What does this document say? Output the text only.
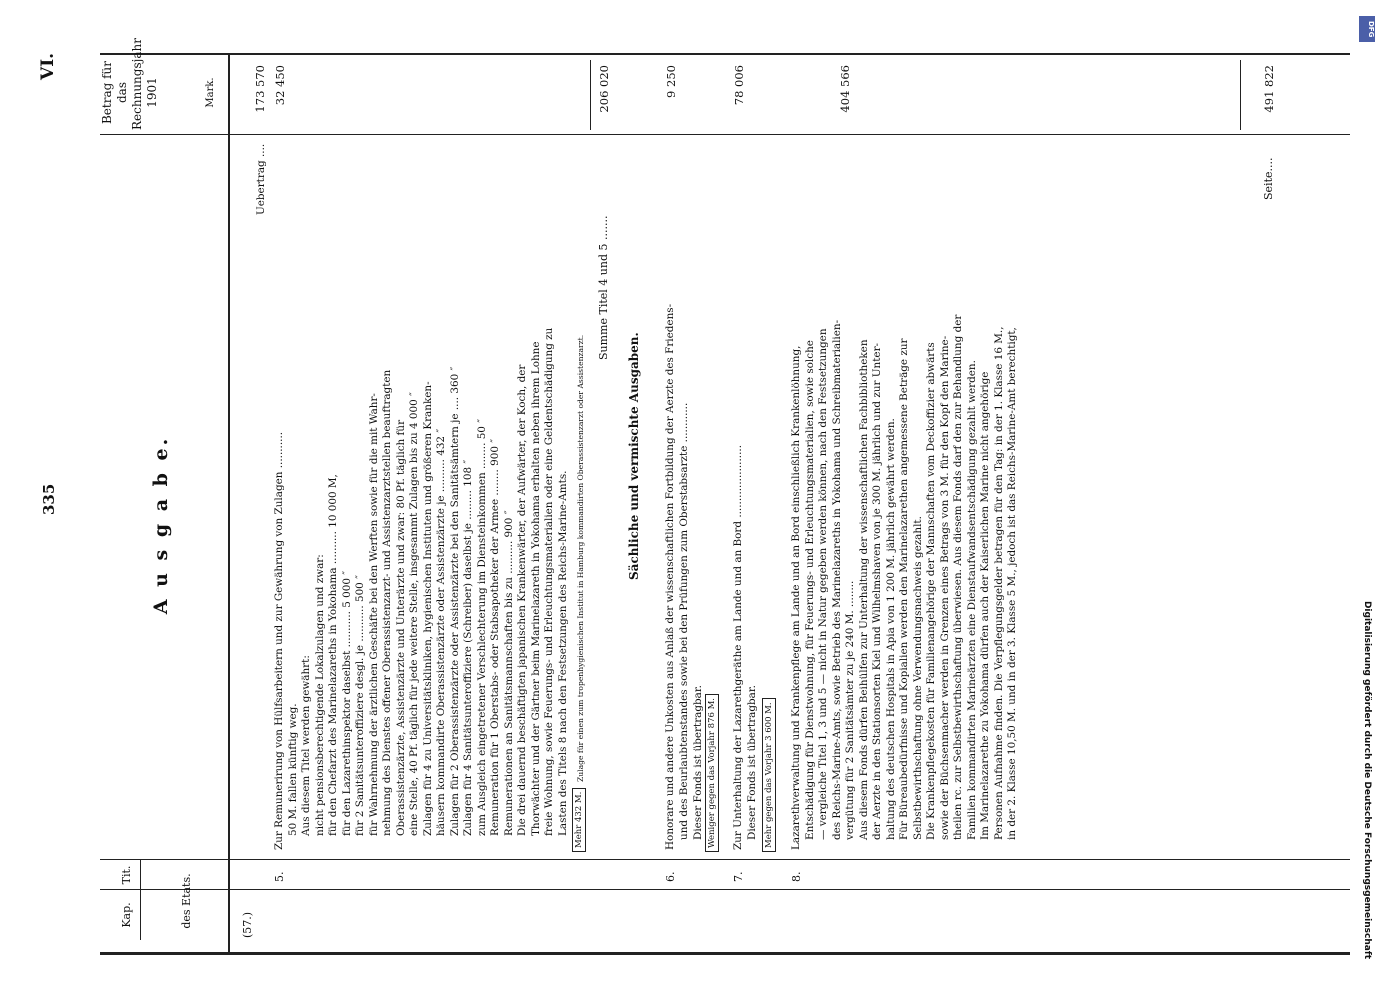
335
VI.
Kap.
Tit.	des Etats.
A u s g a b e.
Betrag für das Rechnungsjahr 1901	Mark.
(57.)
Uebertrag ....
173 570
5.
32 450
Zur Remunerirung von Hülfsarbeitern und zur Gewährung von Zulagen ........... 50 M. fallen künftig weg. Aus diesem Titel werden gewährt: nicht pensionsberechtigende Lokalzulagen und zwar: für den Chefarzt des Marinelazareths in Yokohama .......... 10 000 M, für den Lazarethinspektor daselbst ........... 5 000 ″ für 2 Sanitätsunteroffiziere desgl. je ........... 500 ″ für Wahrnehmung der ärztlichen Geschäfte bei den Werften sowie für die mit Wahr- nehmung des Dienstes offener Oberassistenzarzt- und Assistenzarztstellen beauftragten Oberassistenzärzte, Assistenzärzte und Unterärzte und zwar: 80 Pf. täglich für eine Stelle, 40 Pf. täglich für jede weitere Stelle, insgesammt Zulagen bis zu 4 000 ″ Zulagen für 4 zu Universitätskliniken, hygienischen Instituten und größeren Kranken- häusern kommandirte Oberassistenzärzte oder Assistenzärzte je .......... 432 ″ Zulagen für 2 Oberassistenzärzte oder Assistenzärzte bei den Sanitätsämtern je .... 360 ″ Zulagen für 4 Sanitätsunteroffiziere (Schreiber) daselbst je ......... 108 ″ zum Ausgleich eingetretener Verschlechterung im Diensteinkommen ........ 50 ″ Remuneration für 1 Oberstabs- oder Stabsapotheker der Armee ........ 900 ″ Remunerationen an Sanitätsmannschaften bis zu .......... 900 ″ Die drei dauernd beschäftigten japanischen Krankenwärter, der Aufwärter, der Koch, der Thorwächter und der Gärtner beim Marinelazareth in Yokohama erhalten neben ihrem Lohne freie Wohnung, sowie Feuerungs- und Erleuchtungsmaterialien oder eine Geldentschädigung zu Lasten des Titels 8 nach den Festsetzungen des Reichs-Marine-Amts. Mehr 432 M.
Zulage für einen zum tropenhygienischen Institut in Hamburg kommandirten Oberassistenzarzt oder Assistenzarzt.
Summe Titel 4 und 5 .......
206 020
Sächliche und vermischte Ausgaben.
6.
Honorare und andere Unkosten aus Anlaß der wissenschaftlichen Fortbildung der Aerzte des Friedens- und des Beurlaubtenstandes sowie bei den Prüfungen zum Oberstabsarzte ............ Dieser Fonds ist übertragbar.
9 250
Weniger gegen das Vorjahr 876 M.
7.
Zur Unterhaltung der Lazarethgeräthe am Lande und an Bord ...................... Dieser Fonds ist übertragbar.
78 006
Mehr gegen das Vorjahr 3 600 M.
8.
Lazarethverwaltung und Krankenpflege am Lande und an Bord einschließlich Krankenlöhnung, Entschädigung für Dienstwohnung, für Feuerungs- und Erleuchtungsmaterialien, sowie solche — vergleiche Titel 1, 3 und 5 — nicht in Natur gegeben werden können, nach den Festsetzungen des Reichs-Marine-Amts, sowie Betrieb des Marinelazareths in Yokohama und Schreibmaterialien- vergütung für 2 Sanitätsämter zu je 240 M. ........ Aus diesem Fonds dürfen Beihülfen zur Unterhaltung der wissenschaftlichen Fachbibliotheken der Aerzte in den Stationsorten Kiel und Wilhelmshaven von je 300 M. jährlich und zur Unter- haltung des deutschen Hospitals in Apia von 1 200 M. jährlich gewährt werden. Für Büreaubedürfnisse und Kopialien werden den Marinelazarethen angemessene Beträge zur Selbstbewirthschaftung ohne Verwendungsnachweis gezahlt. Die Krankenpflegekosten für Familienangehörige der Mannschaften vom Deckoffizier abwärts sowie der Büchsenmacher werden in Grenzen eines Betrags von 3 M. für den Kopf den Marine- theilen rc. zur Selbstbewirthschaftung überwiesen. Aus diesem Fonds darf den zur Behandlung der Familien kommandirten Marineärzten eine Dienstaufwandsentschädigung gezahlt werden. Im Marinelazarethe zu Yokohama dürfen auch der Kaiserlichen Marine nicht angehörige Personen Aufnahme finden. Die Verpflegungsgelder betragen für den Tag: in der 1. Klasse 16 M., in der 2. Klasse 10,50 M. und in der 3. Klasse 5 M., jedoch ist das Reichs-Marine-Amt berechtigt,
404 566
Seite....
491 822
DFG
Digitalisierung gefördert durch die Deutsche Forschungsgemeinschaft
